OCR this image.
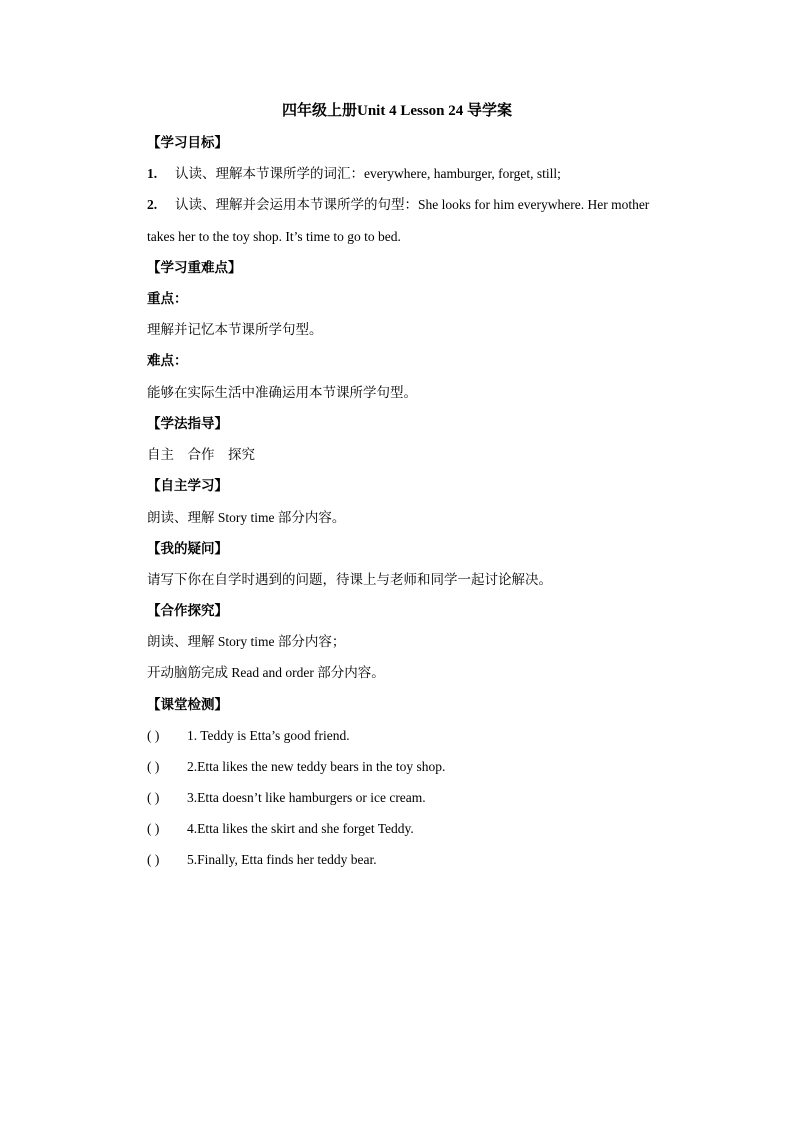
四年级上册Unit 4 Lesson 24 导学案

【学习目标】

1. 认读、理解本节课所学的词汇：everywhere, hamburger, forget, still;

2. 认读、理解并会运用本节课所学的句型：She looks for him everywhere. Her mother

takes her to the toy shop. It’s time to go to bed.

【学习重难点】

重点：

理解并记忆本节课所学句型。

难点：

能够在实际生活中准确运用本节课所学句型。

【学法指导】

自主　合作　探究

【自主学习】

朗读、理解 Story time 部分内容。

【我的疑问】

请写下你在自学时遇到的问题，待课上与老师和同学一起讨论解决。

【合作探究】

朗读、理解 Story time 部分内容；

开动脑筋完成 Read and order 部分内容。

【课堂检测】

( ) 1. Teddy is Etta’s good friend.

( ) 2.Etta likes the new teddy bears in the toy shop.

( ) 3.Etta doesn’t like hamburgers or ice cream.

( ) 4.Etta likes the skirt and she forget Teddy.

( ) 5.Finally, Etta finds her teddy bear.
